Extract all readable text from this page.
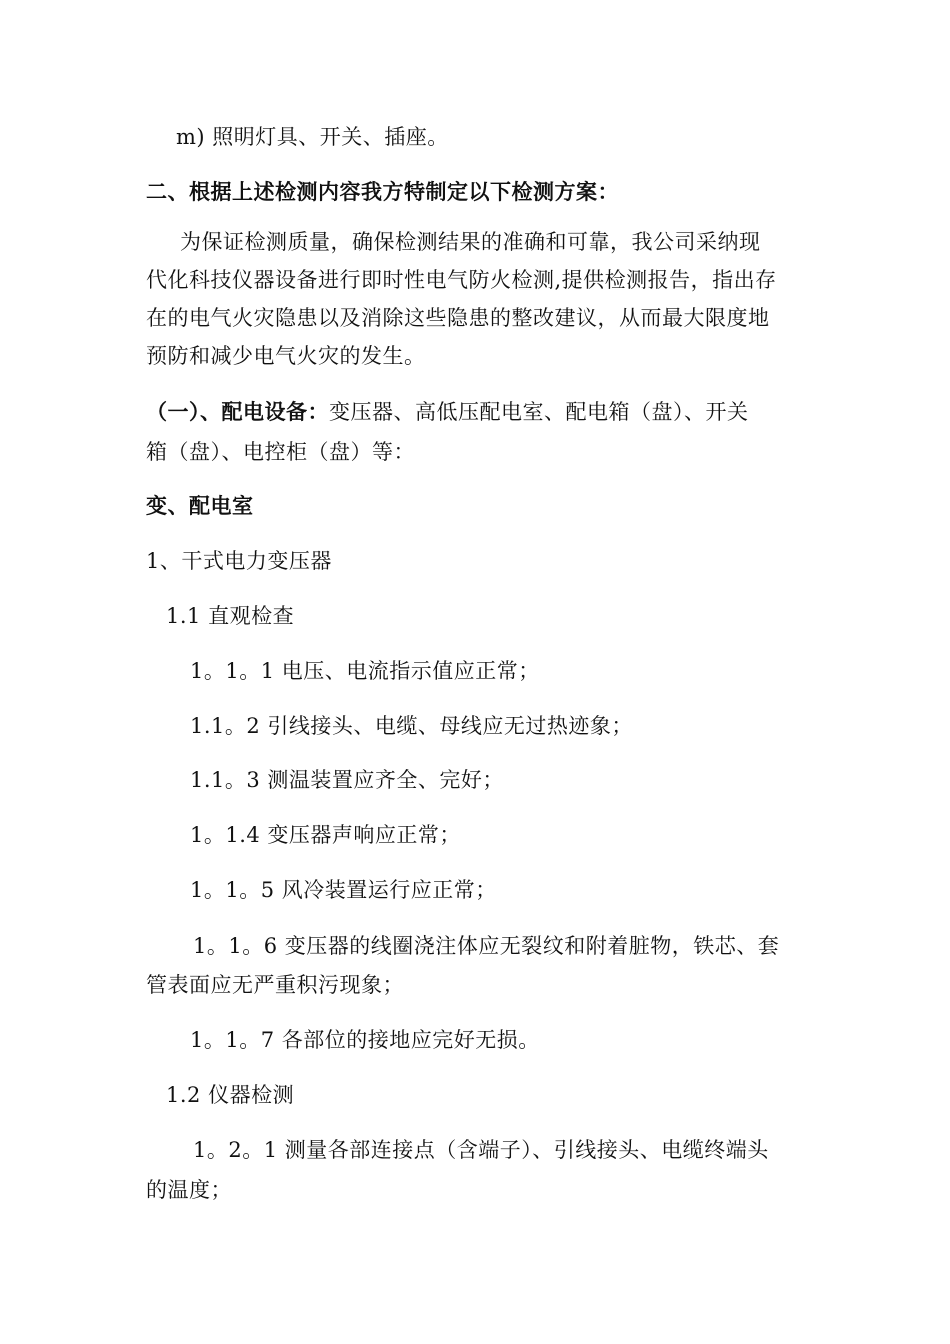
m) 照明灯具、开关、插座。
二、根据上述检测内容我方特制定以下检测方案：
为保证检测质量，确保检测结果的准确和可靠，我公司采纳现
代化科技仪器设备进行即时性电气防火检测,提供检测报告，指出存
在的电气火灾隐患以及消除这些隐患的整改建议，从而最大限度地
预防和减少电气火灾的发生。
（一）、配电设备：变压器、高低压配电室、配电箱（盘）、开关
箱（盘）、电控柜（盘）等：
变、配电室
1、干式电力变压器
1.1 直观检查
1。1。1 电压、电流指示值应正常；
1.1。2 引线接头、电缆、母线应无过热迹象；
1.1。3 测温装置应齐全、完好；
1。1.4 变压器声响应正常；
1。1。5 风冷装置运行应正常；
1。1。6 变压器的线圈浇注体应无裂纹和附着脏物，铁芯、套
管表面应无严重积污现象；
1。1。7 各部位的接地应完好无损。
1.2 仪器检测
1。2。1 测量各部连接点（含端子）、引线接头、电缆终端头
的温度；
